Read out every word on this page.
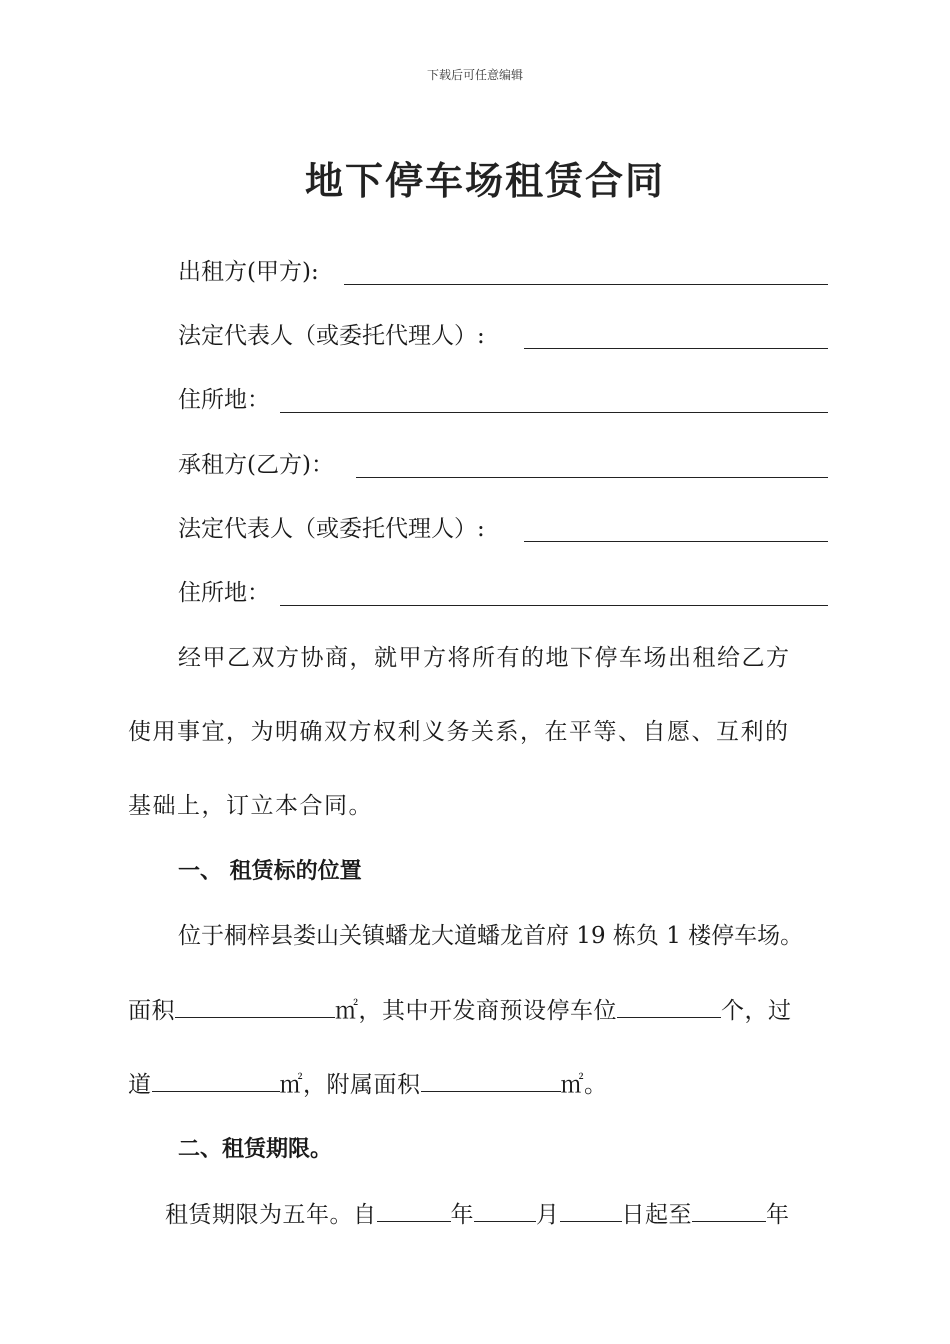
下载后可任意编辑
地下停车场租赁合同
出租方(甲方):
法定代表人（或委托代理人）:
住所地：
承租方(乙方)：
法定代表人（或委托代理人）:
住所地：
经甲乙双方协商，就甲方将所有的地下停车场出租给乙方
使用事宜，为明确双方权利义务关系，在平等、自愿、互利的
基础上，订立本合同。
一、 租赁标的位置
位于桐梓县娄山关镇蟠龙大道蟠龙首府 19 栋负 1 楼停车场。
面积	㎡，其中开发商预设停车位	个，过
道	㎡，附属面积	㎡。
二、租赁期限。
租赁期限为五年。自	年	月	日起至	年
